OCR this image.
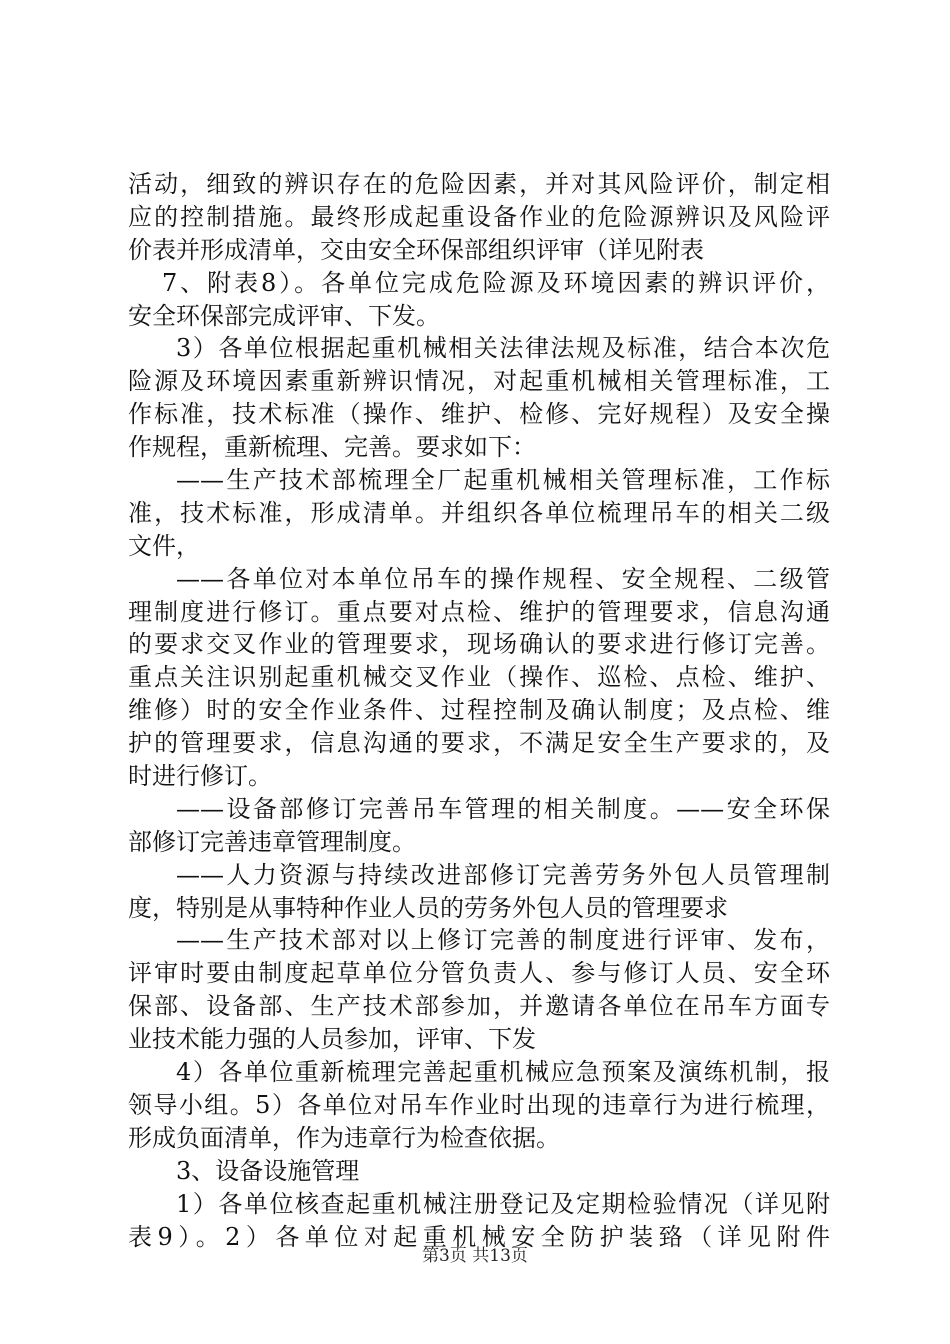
活动，细致的辨识存在的危险因素，并对其风险评价，制定相
应的控制措施。最终形成起重设备作业的危险源辨识及风险评
价表并形成清单，交由安全环保部组织评审（详见附表
7、附表8）。各单位完成危险源及环境因素的辨识评价，
安全环保部完成评审、下发。
3）各单位根据起重机械相关法律法规及标准，结合本次危
险源及环境因素重新辨识情况，对起重机械相关管理标准，工
作标准，技术标准（操作、维护、检修、完好规程）及安全操
作规程，重新梳理、完善。要求如下：
——生产技术部梳理全厂起重机械相关管理标准，工作标
准，技术标准，形成清单。并组织各单位梳理吊车的相关二级
文件，
——各单位对本单位吊车的操作规程、安全规程、二级管
理制度进行修订。重点要对点检、维护的管理要求，信息沟通
的要求交叉作业的管理要求，现场确认的要求进行修订完善。
重点关注识别起重机械交叉作业（操作、巡检、点检、维护、
维修）时的安全作业条件、过程控制及确认制度；及点检、维
护的管理要求，信息沟通的要求，不满足安全生产要求的，及
时进行修订。
——设备部修订完善吊车管理的相关制度。——安全环保
部修订完善违章管理制度。
——人力资源与持续改进部修订完善劳务外包人员管理制
度，特别是从事特种作业人员的劳务外包人员的管理要求
——生产技术部对以上修订完善的制度进行评审、发布，
评审时要由制度起草单位分管负责人、参与修订人员、安全环
保部、设备部、生产技术部参加，并邀请各单位在吊车方面专
业技术能力强的人员参加，评审、下发
4）各单位重新梳理完善起重机械应急预案及演练机制，报
领导小组。5）各单位对吊车作业时出现的违章行为进行梳理，
形成负面清单，作为违章行为检查依据。
3、设备设施管理
1）各单位核查起重机械注册登记及定期检验情况（详见附
表9）。2）各单位对起重机械安全防护装臵（详见附件
第3页 共13页
